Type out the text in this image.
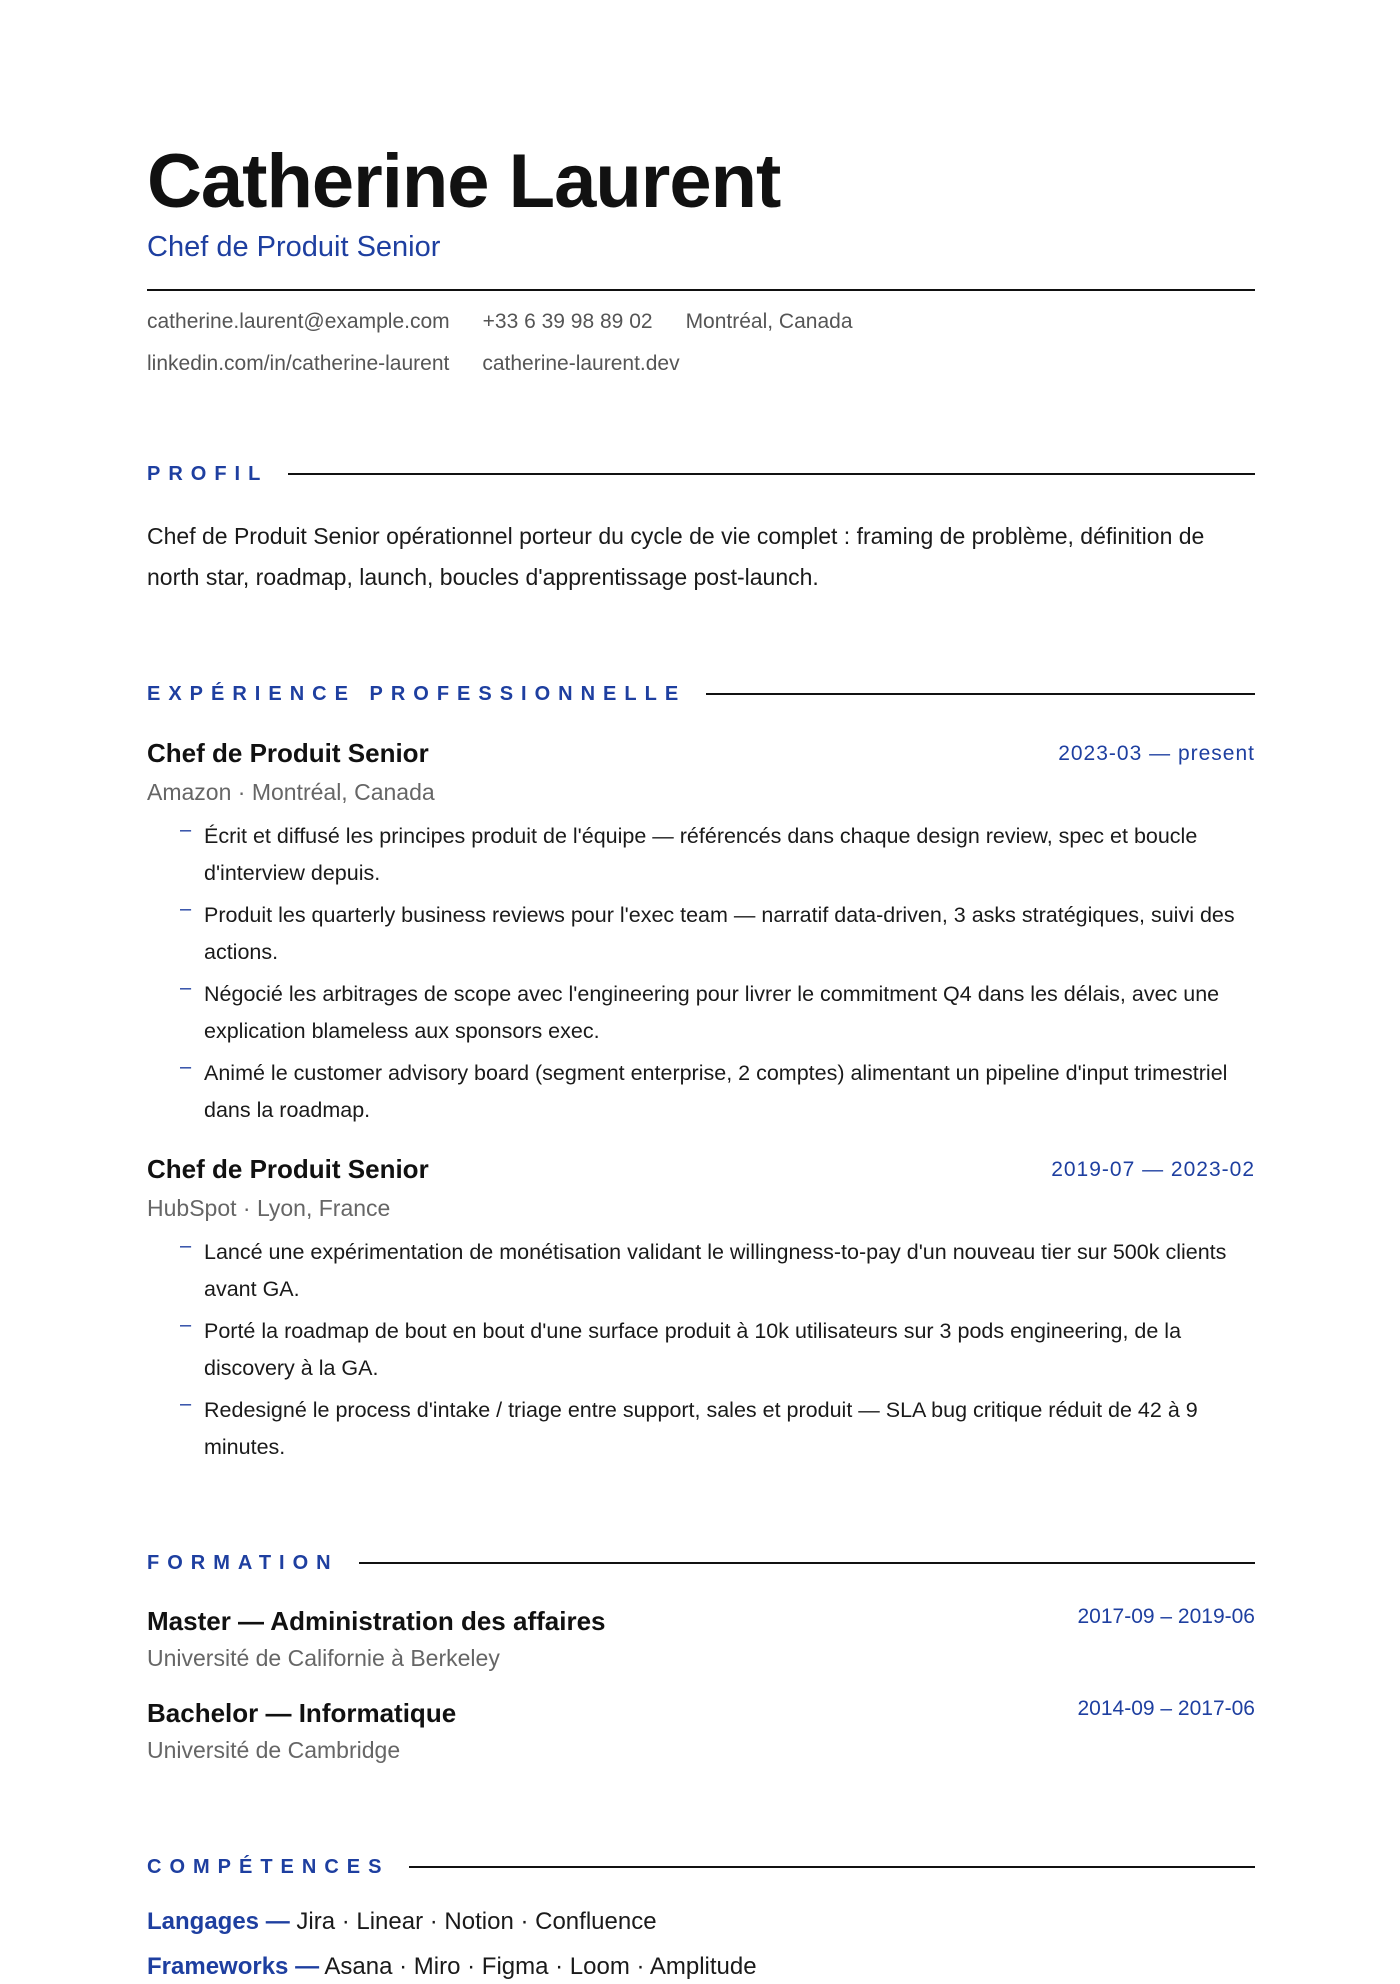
Catherine Laurent
Chef de Produit Senior
catherine.laurent@example.com +33 6 39 98 89 02 Montréal, Canada
linkedin.com/in/catherine-laurent catherine-laurent.dev
PROFIL

Chef de Produit Senior opérationnel porteur du cycle de vie complet : framing de problème, définition de north star, roadmap, launch, boucles d'apprentissage post-launch.

EXPÉRIENCE PROFESSIONNELLE
Chef de Produit Senior	2023-03 — present
Amazon · Montréal, Canada
– Écrit et diffusé les principes produit de l'équipe — référencés dans chaque design review, spec et boucle d'interview depuis.
– Produit les quarterly business reviews pour l'exec team — narratif data-driven, 3 asks stratégiques, suivi des actions.
– Négocié les arbitrages de scope avec l'engineering pour livrer le commitment Q4 dans les délais, avec une explication blameless aux sponsors exec.
– Animé le customer advisory board (segment enterprise, 2 comptes) alimentant un pipeline d'input trimestriel dans la roadmap.
Chef de Produit Senior	2019-07 — 2023-02
HubSpot · Lyon, France
– Lancé une expérimentation de monétisation validant le willingness-to-pay d'un nouveau tier sur 500k clients avant GA.
– Porté la roadmap de bout en bout d'une surface produit à 10k utilisateurs sur 3 pods engineering, de la discovery à la GA.
– Redesigné le process d'intake / triage entre support, sales et produit — SLA bug critique réduit de 42 à 9 minutes.
FORMATION
Master — Administration des affaires	2017-09 – 2019-06
Université de Californie à Berkeley
Bachelor — Informatique	2014-09 – 2017-06
Université de Cambridge
COMPÉTENCES
Langages — Jira · Linear · Notion · Confluence
Frameworks — Asana · Miro · Figma · Loom · Amplitude
